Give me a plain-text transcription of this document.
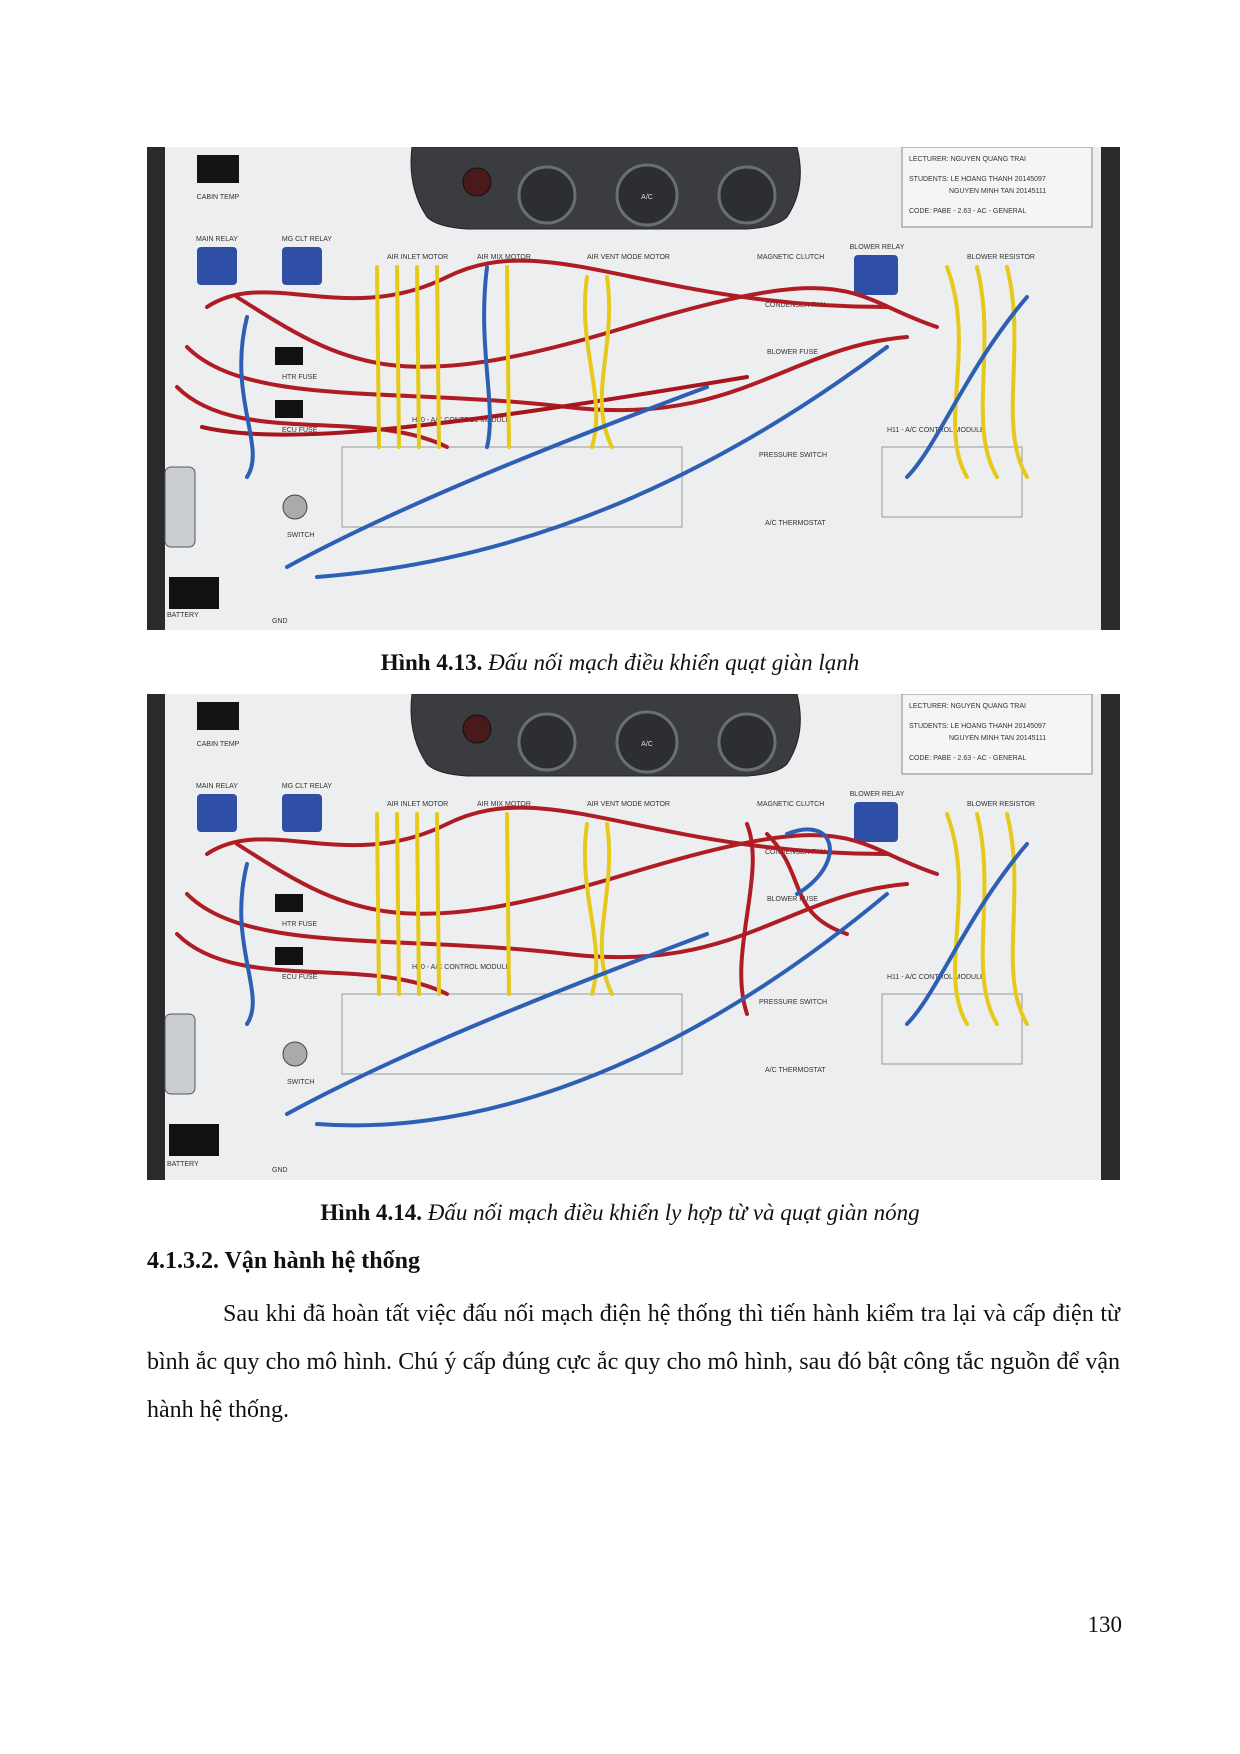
A/C
CABIN TEMP
LECTURER: NGUYEN QUANG TRAI
STUDENTS: LE HOANG THANH 20145097
NGUYEN MINH TAN 20145111
CODE: PABE - 2.63 - AC - GENERAL
MAIN RELAY	MG CLT RELAY
BLOWER RELAY
AIR INLET MOTOR	AIR MIX MOTOR	AIR VENT MODE MOTOR	MAGNETIC CLUTCH
CONDENSER FAN
BLOWER FUSE
BLOWER RESISTOR
PRESSURE SWITCH
A/C THERMOSTAT
HTR FUSE
ECU FUSE
H10 - A/C CONTROL MODULE
H11 - A/C CONTROL MODULE
SWITCH
BATTERY
GND
Hình 4.13. Đấu nối mạch điều khiển quạt giàn lạnh
A/C
CABIN TEMP
LECTURER: NGUYEN QUANG TRAI
STUDENTS: LE HOANG THANH 20145097
NGUYEN MINH TAN 20145111
CODE: PABE - 2.63 - AC - GENERAL
MAIN RELAY	MG CLT RELAY
BLOWER RELAY
AIR INLET MOTOR	AIR MIX MOTOR	AIR VENT MODE MOTOR	MAGNETIC CLUTCH
CONDENSER FAN
BLOWER FUSE
BLOWER RESISTOR
PRESSURE SWITCH
A/C THERMOSTAT
HTR FUSE
ECU FUSE
H10 - A/C CONTROL MODULE
H11 - A/C CONTROL MODULE
SWITCH
BATTERY
GND
Hình 4.14. Đấu nối mạch điều khiển ly hợp từ và quạt giàn nóng
4.1.3.2. Vận hành hệ thống
Sau khi đã hoàn tất việc đấu nối mạch điện hệ thống thì tiến hành kiểm tra lại và cấp điện từ bình ắc quy cho mô hình. Chú ý cấp đúng cực ắc quy cho mô hình, sau đó bật công tắc nguồn để vận hành hệ thống.
130
